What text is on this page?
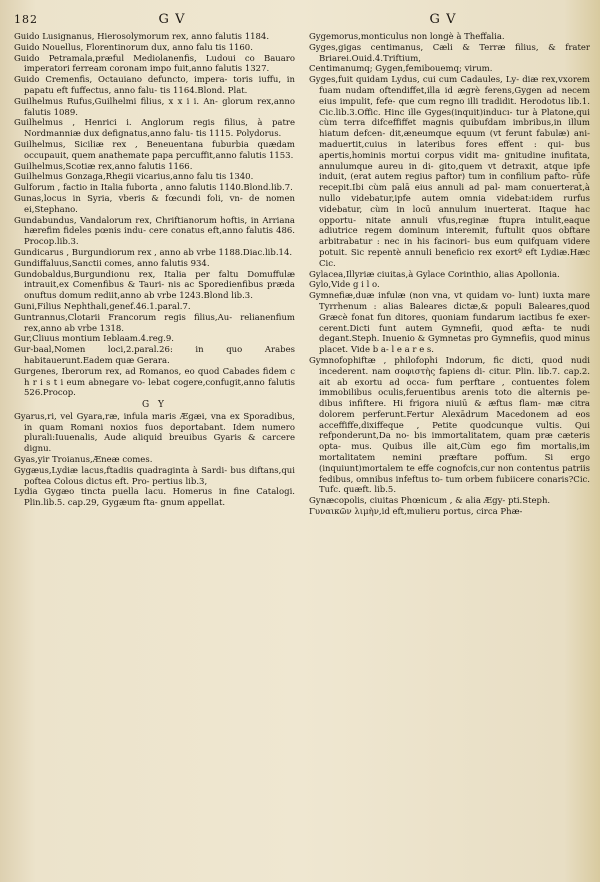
182	G V	G V

Guido Lusignanus, Hierosolymorum rex, anno falutis 1184.

Guido Nouellus, Florentinorum dux, anno falu tis 1160.

Guido Petramala,præful Mediolanenfis, Ludoui co Bauaro imperatori ferream coronam impo fuit,anno falutis 1327.

Guido Cremenfis, Octauiano defuncto, impera- toris iuffu, in papatu eft fuffectus, anno falu- tis 1164.Blond. Plat.

Guilhelmus Rufus,Guilhelmi filius, x x i i. An- glorum rex,anno falutis 1089.

Guilhelmus , Henrici i. Anglorum regis filius, à patre Nordmanniæ dux defignatus,anno falu- tis 1115. Polydorus.

Guilhelmus, Siciliæ rex , Beneuentana fuburbia quædam occupauit, quem anathemate papa percuffit,anno falutis 1153.

Guilhelmus,Scotiæ rex,anno falutis 1166.

Guilhelmus Gonzaga,Rhegii vicarius,anno falu tis 1340.

Gulforum , factio in Italia fuborta , anno falutis 1140.Blond.lib.7.

Gunas,locus in Syria, vberis & fœcundi foli, vn- de nomen ei,Stephano.

Gundabundus, Vandalorum rex, Chriftianorum hoftis, in Arriana hærefim fideles pœnis indu- cere conatus eft,anno falutis 486. Procop.lib.3.

Gundicarus , Burgundiorum rex , anno ab vrbe 1188.Diac.lib.14.

Gundiffaluus,Sanctii comes, anno falutis 934.

Gundobaldus,Burgundionu rex, Italia per faltu Domuffulæ intrauit,ex Comenfibus & Tauri- nis ac Sporedienfibus præda onuftus domum rediit,anno ab vrbe 1243.Blond lib.3.

Guni,Filius Nephthali,genef.46.1.paral.7.

Guntrannus,Clotarii Francorum regis filius,Au- relianenfium rex,anno ab vrbe 1318.

Gur,Cliuus montium Ieblaam.4.reg.9.

Gur-baal,Nomen loci,2.paral.26: in quo Arabes habitauerunt.Eadem quæ Gerara.

Gurgenes, Iberorum rex, ad Romanos, eo quod Cabades fidem c h r i s t i eum abnegare vo- lebat cogere,confugit,anno falutis 526.Procop.

G Y

Gyarus,ri, vel Gyara,ræ, infula maris Ægæi, vna ex Sporadibus, in quam Romani noxios fuos deportabant. Idem numero plurali:Iuuenalis, Aude aliquid breuibus Gyaris & carcere dignu.

Gyas,yir Troianus,Æneæ comes.

Gygæus,Lydiæ lacus,ftadiis quadraginta à Sardi- bus diftans,qui poftea Colous dictus eft. Pro- pertius lib.3,

Lydia Gygæo tincta puella lacu. Homerus in fine Catalogi. Plin.lib.5. cap.29, Gygæum fta- gnum appellat.

Gygemorus,monticulus non longè à Theffalia.

Gyges,gigas centimanus, Cæli & Terræ filius, & frater Briarei.Ouid.4.Triftium,

Centimanumq; Gygen,femibouemq; virum.

Gyges,fuit quidam Lydus, cui cum Cadaules, Ly- diæ rex,vxorem fuam nudam oftendiffet,illa id ægrè ferens,Gygen ad necem eius impulit, fefe- que cum regno illi tradidit. Herodotus lib.1. Cic.lib.3.Offic. Hinc ille Gyges(inquit)inducı- tur à Platone,qui cùm terra difceffiffet magnis quibufdam imbribus,in illum hiatum defcen- dit,æneumque equum (vt ferunt fabulæ) ani- maduertit,cuius in lateribus fores effent : qui- bus apertis,hominis mortui corpus vidit ma- gnitudine inufitata, annulumque aureu in di- gito,quem vt detraxit, atque ipfe induit, (erat autem regius paftor) tum in confilium pafto- rūfe recepit.Ibi cùm palā eius annuli ad pal- mam conuerterat,à nullo videbatur,ipfe autem omnia videbat:idem rurfus videbatur, cùm in locū annulum inuerterat. Itaque hac opportu- nitate annuli vfus,reginæ ftupra intulit,eaque adiutrice regem dominum interemit, fuftulit quos obftare arbitrabatur : nec in his facinori- bus eum quifquam videre potuit. Sic repentè annuli beneficio rex exortº eft Lydiæ.Hæc Cic.

Gylacea,Illyriæ ciuitas,à Gylace Corinthio, alias Apollonia.

Gylo,Vide g i l o.

Gymnefiæ,duæ infulæ (non vna, vt quidam vo- lunt) iuxta mare Tyrrhenum : alias Baleares dictæ,& populi Baleares,quod Græcè fonat fun ditores, quoniam fundarum iactibus fe exer- cerent.Dicti funt autem Gymnefii, quod æfta- te nudi degant.Steph. Inuenio & Gymnetas pro Gymnefiis, quod minus placet. Vide b a- l e a r e s.

Gymnofophiftæ , philofophi Indorum, fic dicti, quod nudi incederent. nam σοφιστὴς fapiens di- citur. Plin. lib.7. cap.2. ait ab exortu ad occa- fum perftare , contuentes folem immobilibus oculis,feruentibus arenis toto die alternis pe- dibus infiftere. Hi frigora niuiū & æftus flam- mæ citra dolorem perferunt.Fertur Alexādrum Macedonem ad eos acceffiffe,dixiffeque , Petite quodcunque vultis. Qui refponderunt,Da no- bis immortalitatem, quam præ cæteris opta- mus. Quibus ille ait,Cùm ego fim mortalis,im mortalitatem nemini præftare poffum. Si ergo (inquiunt)mortalem te effe cognofcis,cur non contentus patriis fedibus, omnibus infeftus to- tum orbem fubiicere conaris?Cic. Tufc. quæft. lib.5.

Gynæcopolis, ciuitas Phœnicum , & alia Ægy- pti.Steph.

Γυναικῶν λιμὴν,id eft,mulieru portus, circa Phæ-
